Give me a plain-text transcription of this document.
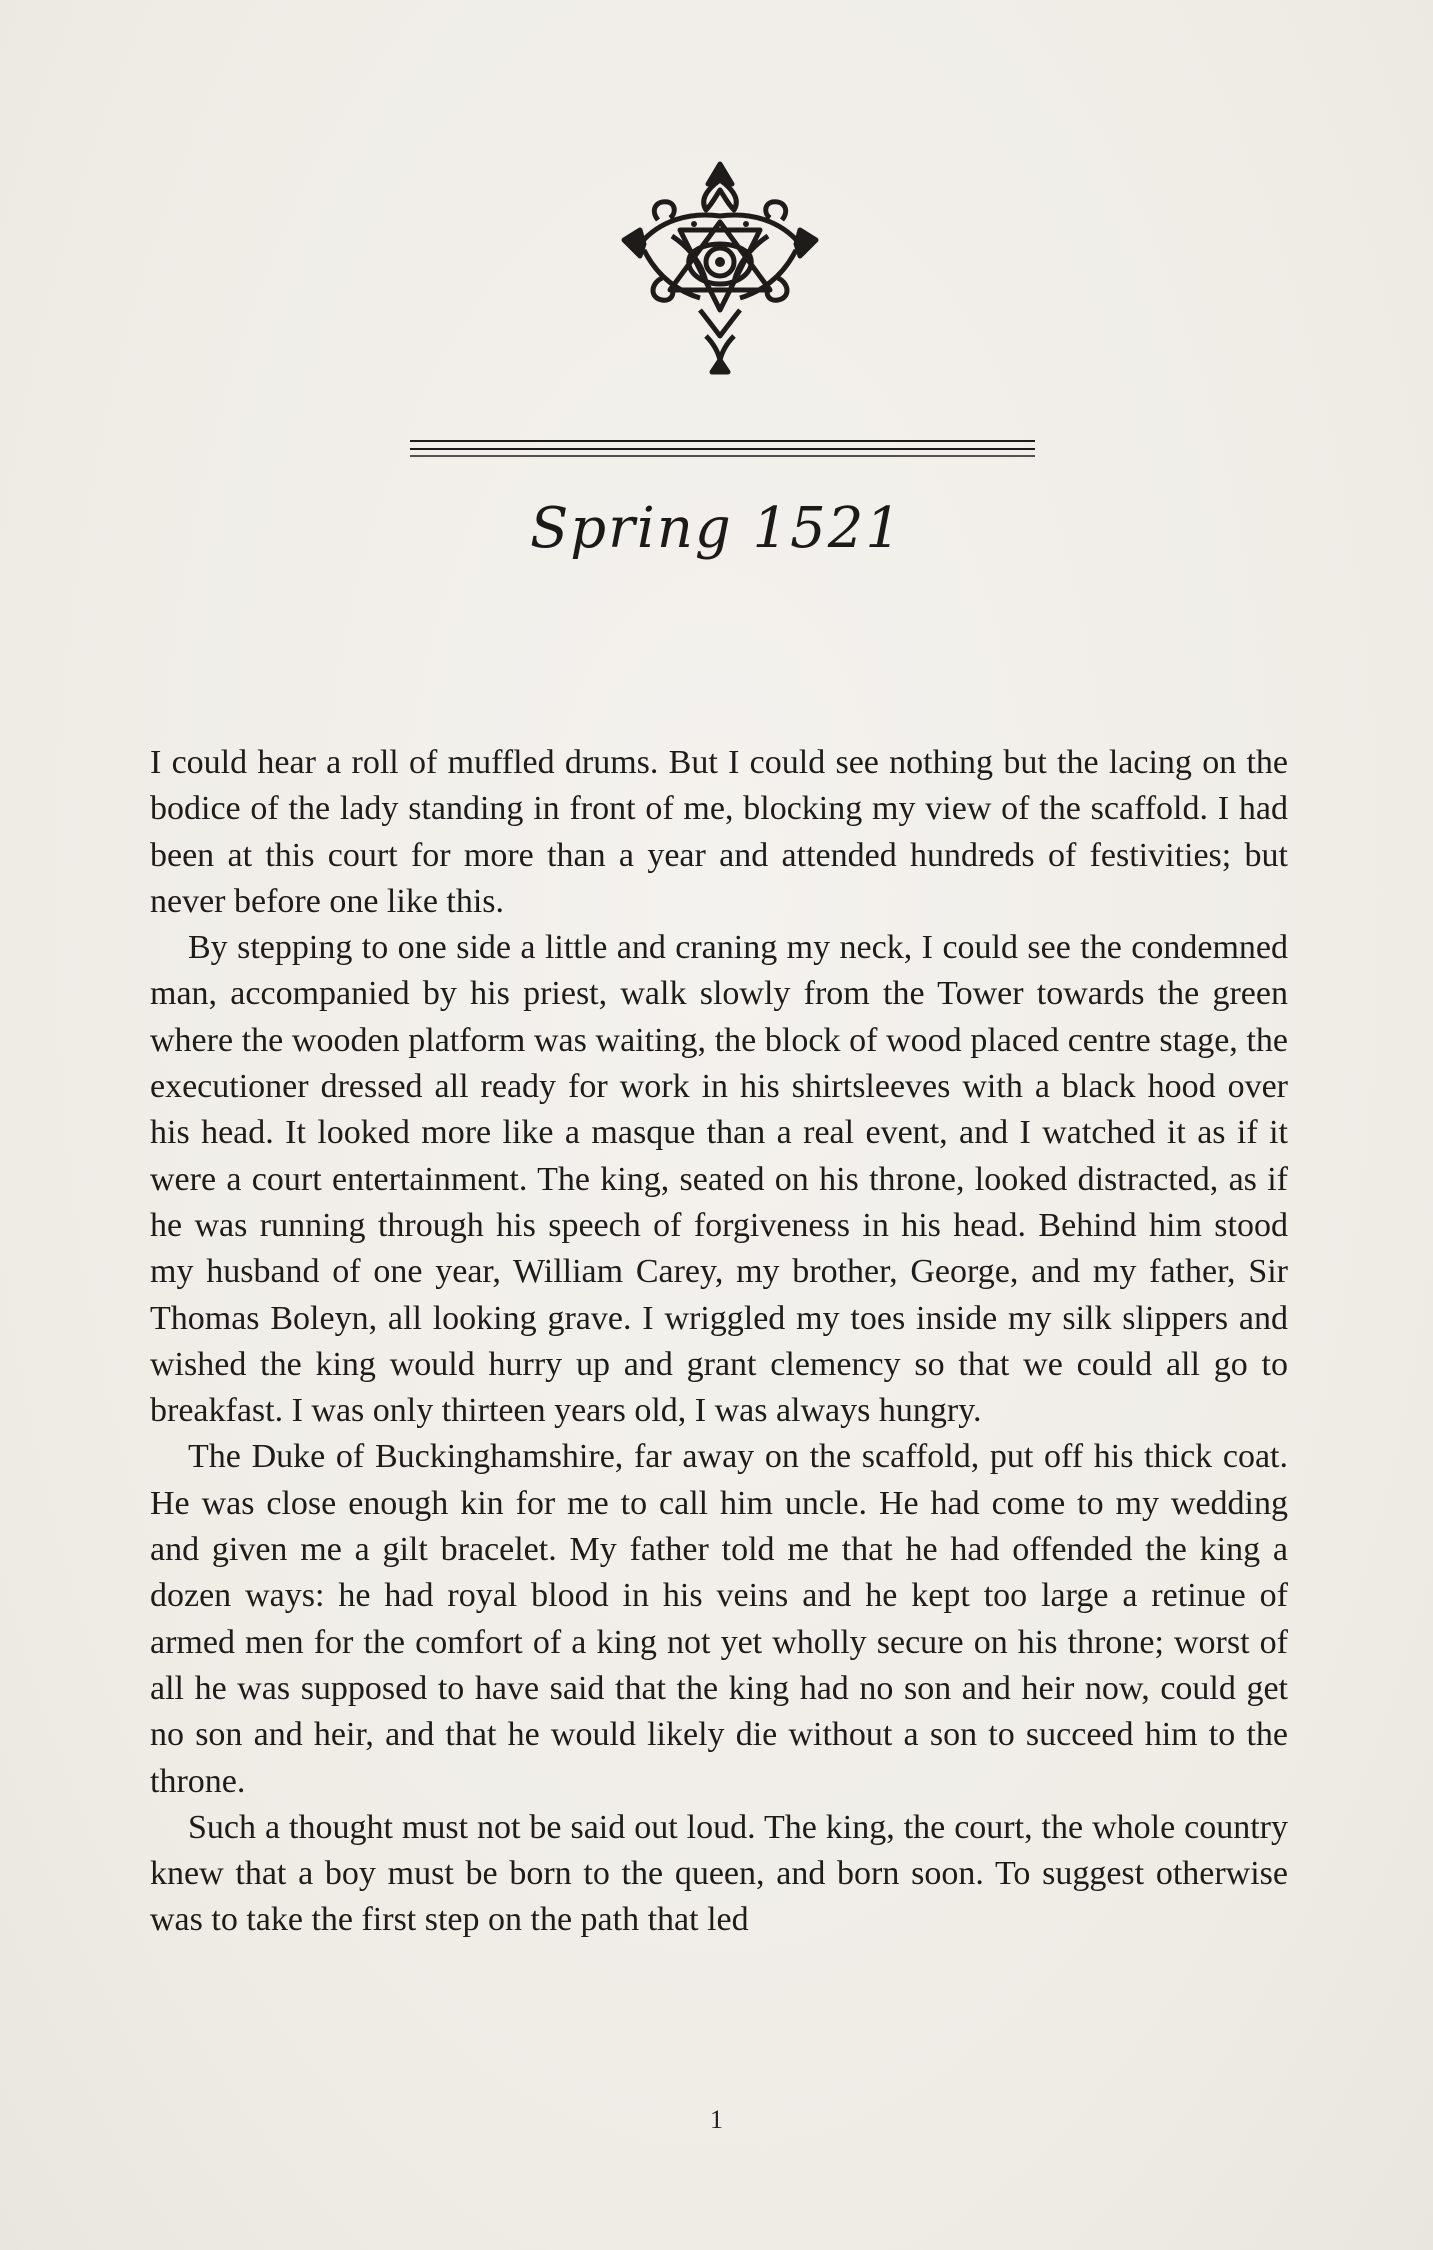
Spring 1521

I could hear a roll of muffled drums. But I could see nothing but the lacing on the bodice of the lady standing in front of me, blocking my view of the scaffold. I had been at this court for more than a year and attended hundreds of festivities; but never before one like this.

By stepping to one side a little and craning my neck, I could see the condemned man, accompanied by his priest, walk slowly from the Tower towards the green where the wooden platform was waiting, the block of wood placed centre stage, the executioner dressed all ready for work in his shirtsleeves with a black hood over his head. It looked more like a masque than a real event, and I watched it as if it were a court entertainment. The king, seated on his throne, looked distracted, as if he was running through his speech of forgiveness in his head. Behind him stood my husband of one year, William Carey, my brother, George, and my father, Sir Thomas Boleyn, all looking grave. I wriggled my toes inside my silk slippers and wished the king would hurry up and grant clemency so that we could all go to breakfast. I was only thirteen years old, I was always hungry.

The Duke of Buckinghamshire, far away on the scaffold, put off his thick coat. He was close enough kin for me to call him uncle. He had come to my wedding and given me a gilt bracelet. My father told me that he had offended the king a dozen ways: he had royal blood in his veins and he kept too large a retinue of armed men for the comfort of a king not yet wholly secure on his throne; worst of all he was supposed to have said that the king had no son and heir now, could get no son and heir, and that he would likely die without a son to succeed him to the throne.

Such a thought must not be said out loud. The king, the court, the whole country knew that a boy must be born to the queen, and born soon. To suggest otherwise was to take the first step on the path that led

1
